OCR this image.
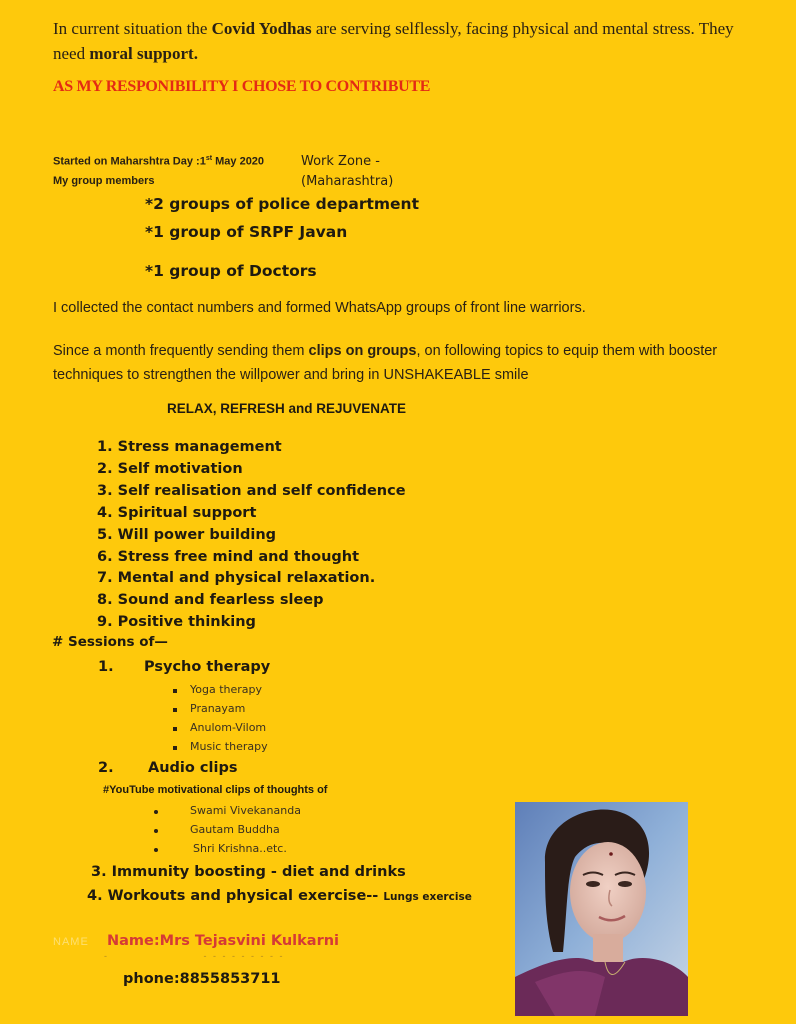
In current situation the Covid Yodhas are serving selflessly, facing physical and mental stress. They need moral support.
AS MY RESPONIBILITY I CHOSE TO CONTRIBUTE
Started on Maharshtra Day :1st May 2020
My group members
Work Zone - (Maharashtra)
*2 groups of police department
*1 group of SRPF Javan
*1 group of Doctors
I collected the contact numbers and formed WhatsApp groups of front line warriors.
Since a month frequently sending them clips on groups, on following topics to equip them with booster techniques to strengthen the willpower and bring in UNSHAKEABLE smile
RELAX, REFRESH and REJUVENATE
1. Stress management
2. Self motivation
3. Self realisation and self confidence
4. Spiritual support
5. Will power building
6. Stress free mind and thought
7. Mental and physical relaxation.
8. Sound and fearless sleep
9. Positive thinking
# Sessions of—
1. Psycho therapy
Yoga therapy
Pranayam
Anulom-Vilom
Music therapy
2. Audio clips
#YouTube motivational clips of thoughts of
Swami Vivekananda
Gautam Buddha
Shri Krishna..etc.
3. Immunity boosting - diet and drinks
4. Workouts and physical exercise-- Lungs exercise
NAME Name:Mrs Tejasvini Kulkarni
-                     - - - - - - - - -
phone:8855853711
